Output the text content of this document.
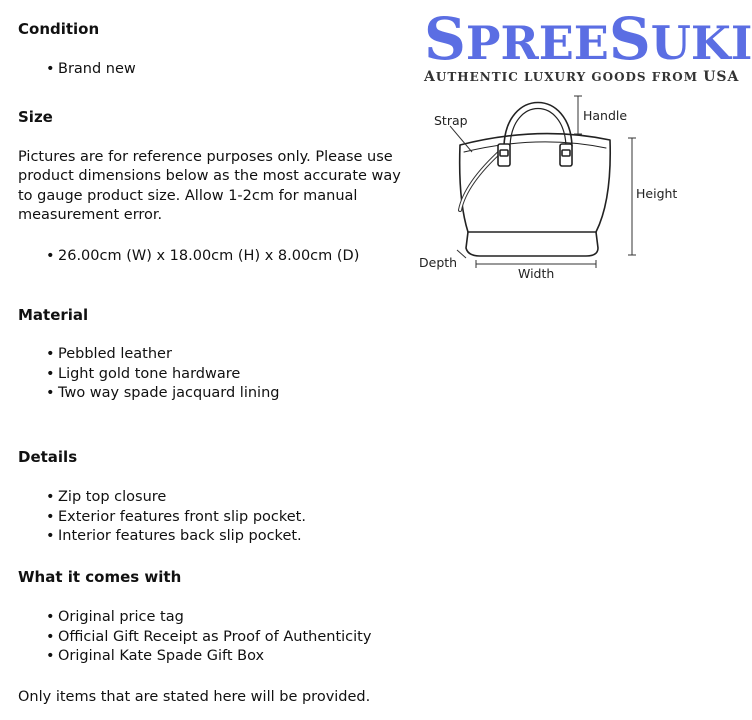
SPREESUKI
AUTHENTIC LUXURY GOODS FROM USA
Strap	Handle
Height
Depth
Width
Condition
• Brand new
Size

Pictures are for reference purposes only. Please use product dimensions below as the most accurate way to gauge product size. Allow 1-2cm for manual measurement error.

• 26.00cm (W) x 18.00cm (H) x 8.00cm (D)
Material
• Pebbled leather
• Light gold tone hardware
• Two way spade jacquard lining
Details
• Zip top closure
• Exterior features front slip pocket.
• Interior features back slip pocket.
What it comes with
• Original price tag
• Official Gift Receipt as Proof of Authenticity
• Original Kate Spade Gift Box

Only items that are stated here will be provided.
